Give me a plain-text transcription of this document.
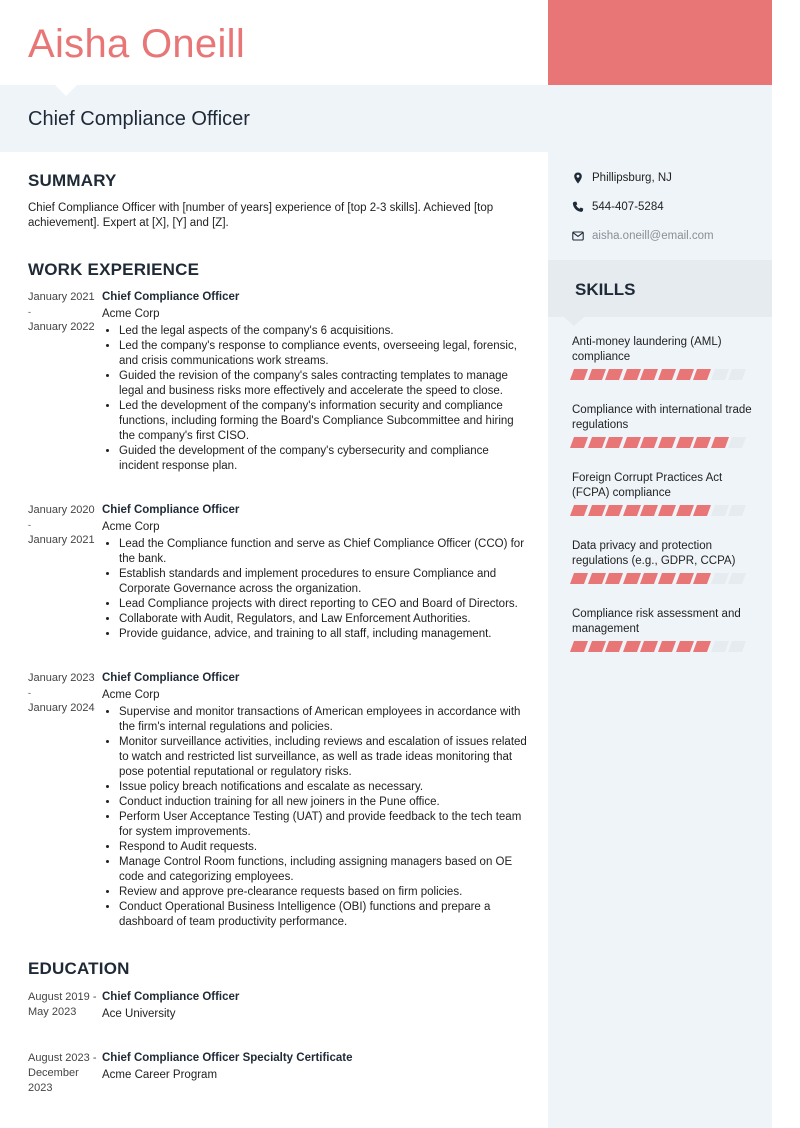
Aisha Oneill
Chief Compliance Officer
SUMMARY
Chief Compliance Officer with [number of years] experience of [top 2-3 skills]. Achieved [top achievement]. Expert at [X], [Y] and [Z].
WORK EXPERIENCE
January 2021
-
January 2022
Chief Compliance Officer
Acme Corp
• Led the legal aspects of the company's 6 acquisitions.
• Led the company's response to compliance events, overseeing legal, forensic, and crisis communications work streams.
• Guided the revision of the company's sales contracting templates to manage legal and business risks more effectively and accelerate the speed to close.
• Led the development of the company's information security and compliance functions, including forming the Board's Compliance Subcommittee and hiring the company's first CISO.
• Guided the development of the company's cybersecurity and compliance incident response plan.
January 2020
-
January 2021
Chief Compliance Officer
Acme Corp
• Lead the Compliance function and serve as Chief Compliance Officer (CCO) for the bank.
• Establish standards and implement procedures to ensure Compliance and Corporate Governance across the organization.
• Lead Compliance projects with direct reporting to CEO and Board of Directors.
• Collaborate with Audit, Regulators, and Law Enforcement Authorities.
• Provide guidance, advice, and training to all staff, including management.
January 2023
-
January 2024
Chief Compliance Officer
Acme Corp
• Supervise and monitor transactions of American employees in accordance with the firm's internal regulations and policies.
• Monitor surveillance activities, including reviews and escalation of issues related to watch and restricted list surveillance, as well as trade ideas monitoring that pose potential reputational or regulatory risks.
• Issue policy breach notifications and escalate as necessary.
• Conduct induction training for all new joiners in the Pune office.
• Perform User Acceptance Testing (UAT) and provide feedback to the tech team for system improvements.
• Respond to Audit requests.
• Manage Control Room functions, including assigning managers based on OE code and categorizing employees.
• Review and approve pre-clearance requests based on firm policies.
• Conduct Operational Business Intelligence (OBI) functions and prepare a dashboard of team productivity performance.
EDUCATION
August 2019 -
May 2023
Chief Compliance Officer
Ace University
August 2023 -
December 2023
Chief Compliance Officer Specialty Certificate
Acme Career Program
Phillipsburg, NJ
544-407-5284
aisha.oneill@email.com
SKILLS
Anti-money laundering (AML) compliance
Compliance with international trade regulations
Foreign Corrupt Practices Act (FCPA) compliance
Data privacy and protection regulations (e.g., GDPR, CCPA)
Compliance risk assessment and management
